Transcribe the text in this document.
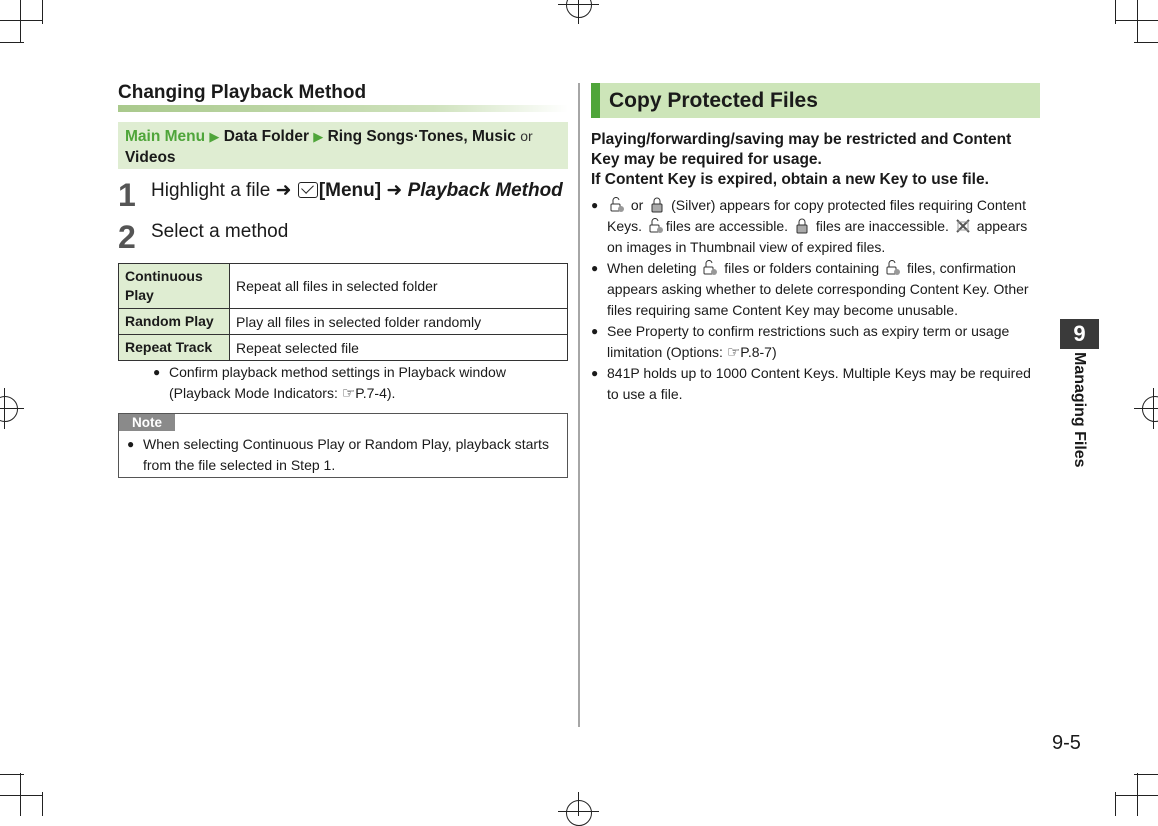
Changing Playback Method
Main Menu ▶ Data Folder ▶ Ring Songs·Tones, Music or
Videos
1 Highlight a file ➜ [Menu] ➜ Playback Method
2 Select a method
Continuous Play	Repeat all files in selected folder
Random Play	Play all files in selected folder randomly
Repeat Track	Repeat selected file
● Confirm playback method settings in Playback window (Playback Mode Indicators: ☞P.7-4).
Note
● When selecting Continuous Play or Random Play, playback starts from the file selected in Step 1.
Copy Protected Files
Playing/forwarding/saving may be restricted and Content Key may be required for usage.
If Content Key is expired, obtain a new Key to use file.
● or (Silver) appears for copy protected files requiring Content Keys. files are accessible. files are inaccessible. appears on images in Thumbnail view of expired files.
● When deleting files or folders containing files, confirmation appears asking whether to delete corresponding Content Key. Other files requiring same Content Key may become unusable.
● See Property to confirm restrictions such as expiry term or usage limitation (Options: ☞P.8-7)
● 841P holds up to 1000 Content Keys. Multiple Keys may be required to use a file.
9
Managing Files
9-5
